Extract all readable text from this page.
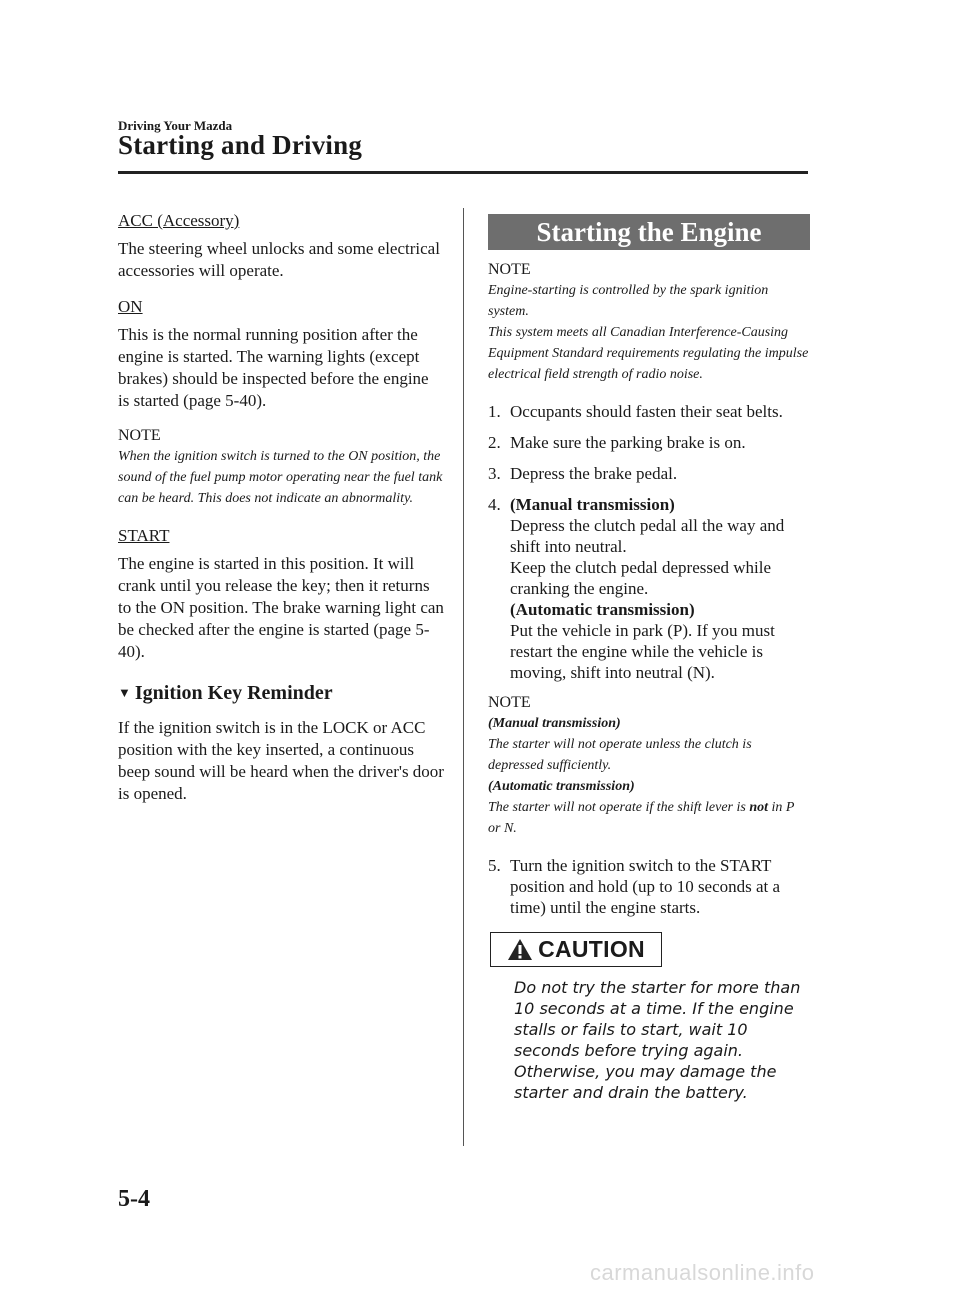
Driving Your Mazda
Starting and Driving
ACC (Accessory)

The steering wheel unlocks and some electrical accessories will operate.

ON

This is the normal running position after the engine is started. The warning lights (except brakes) should be inspected before the engine is started (page 5-40).

NOTE

When the ignition switch is turned to the ON position, the sound of the fuel pump motor operating near the fuel tank can be heard. This does not indicate an abnormality.

START

The engine is started in this position. It will crank until you release the key; then it returns to the ON position. The brake warning light can be checked after the engine is started (page 5-40).

▼ Ignition Key Reminder

If the ignition switch is in the LOCK or ACC position with the key inserted, a continuous beep sound will be heard when the driver's door is opened.

Starting the Engine
NOTE

Engine-starting is controlled by the spark ignition system.

This system meets all Canadian Interference-Causing Equipment Standard requirements regulating the impulse electrical field strength of radio noise.

1. Occupants should fasten their seat belts.
2. Make sure the parking brake is on.
3. Depress the brake pedal.
4. (Manual transmission)
Depress the clutch pedal all the way and shift into neutral.
Keep the clutch pedal depressed while cranking the engine.
(Automatic transmission)
Put the vehicle in park (P). If you must restart the engine while the vehicle is moving, shift into neutral (N).
NOTE

(Manual transmission)

The starter will not operate unless the clutch is depressed sufficiently.

(Automatic transmission)

The starter will not operate if the shift lever is not in P or N.

5. Turn the ignition switch to the START position and hold (up to 10 seconds at a time) until the engine starts.
CAUTION

Do not try the starter for more than 10 seconds at a time. If the engine stalls or fails to start, wait 10 seconds before trying again. Otherwise, you may damage the starter and drain the battery.

5-4
carmanualsonline.info
